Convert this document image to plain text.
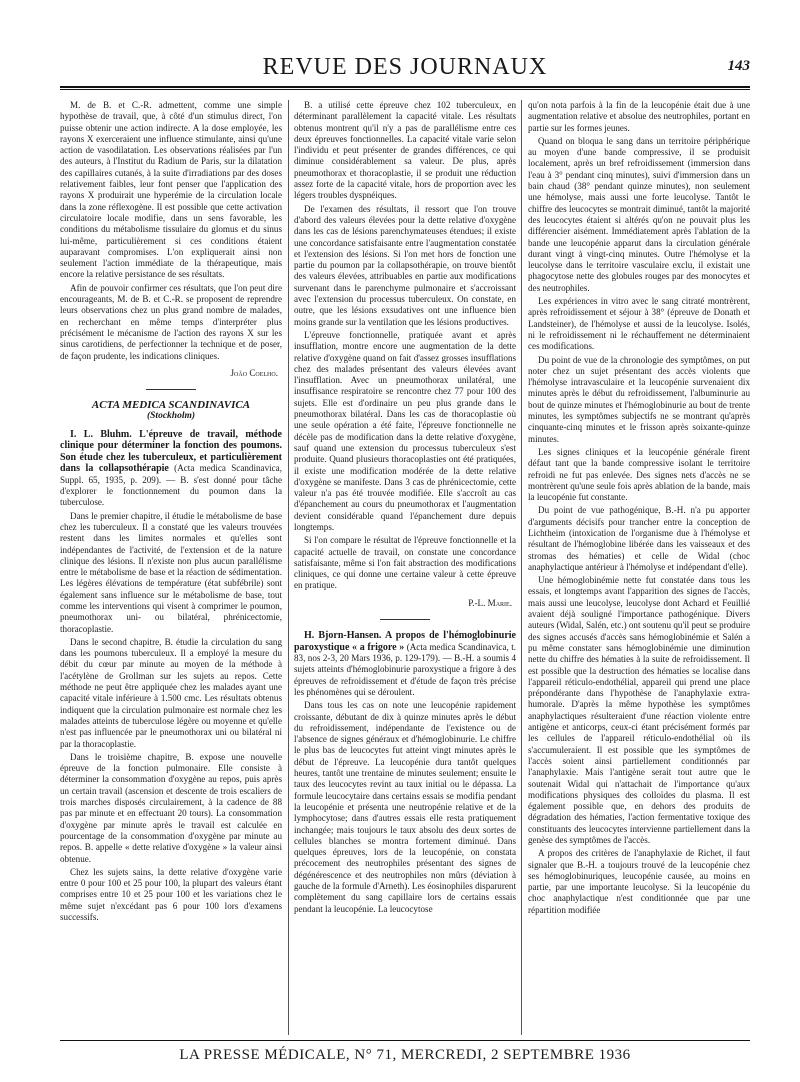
REVUE DES JOURNAUX	143

M. de B. et C.-R. admettent, comme une simple hypothèse de travail, que, à côté d'un stimulus direct, l'on puisse obtenir une action indirecte. A la dose employée, les rayons X exerceraient une influence stimulante, ainsi qu'une action de vasodilatation. Les observations réalisées par l'un des auteurs, à l'Institut du Radium de Paris, sur la dilatation des capillaires cutanés, à la suite d'irradiations par des doses relativement faibles, leur font penser que l'application des rayons X produirait une hyperémie de la circulation locale dans la zone réflexogène. Il est possible que cette activation circulatoire locale modifie, dans un sens favorable, les conditions du métabolisme tissulaire du glomus et du sinus lui-même, particulièrement si ces conditions étaient auparavant compromises. L'on expliquerait ainsi non seulement l'action immédiate de la thérapeutique, mais encore la relative persistance de ses résultats.

Afin de pouvoir confirmer ces résultats, que l'on peut dire encourageants, M. de B. et C.-R. se proposent de reprendre leurs observations chez un plus grand nombre de malades, en recherchant en même temps d'interpréter plus précisément le mécanisme de l'action des rayons X sur les sinus carotidiens, de perfectionner la technique et de poser, de façon prudente, les indications cliniques.

João Coelho.

ACTA MEDICA SCANDINAVICA

(Stockholm)

I. L. Bluhm. L'épreuve de travail, méthode clinique pour déterminer la fonction des poumons. Son étude chez les tuberculeux, et particulièrement dans la collapsothérapie (Acta medica Scandinavica, Suppl. 65, 1935, p. 209). — B. s'est donné pour tâche d'explorer le fonctionnement du poumon dans la tuberculose.

Dans le premier chapitre, il étudie le métabolisme de base chez les tuberculeux. Il a constaté que les valeurs trouvées restent dans les limites normales et qu'elles sont indépendantes de l'activité, de l'extension et de la nature clinique des lésions. Il n'existe non plus aucun parallélisme entre le métabolisme de base et la réaction de sédimentation. Les légères élévations de température (état subfébrile) sont également sans influence sur le métabolisme de base, tout comme les interventions qui visent à comprimer le poumon, pneumothorax uni- ou bilatéral, phrénicectomie, thoracoplastie.

Dans le second chapitre, B. étudie la circulation du sang dans les poumons tuberculeux. Il a employé la mesure du débit du cœur par minute au moyen de la méthode à l'acétylène de Grollman sur les sujets au repos. Cette méthode ne peut être appliquée chez les malades ayant une capacité vitale inférieure à 1.500 cmc. Les résultats obtenus indiquent que la circulation pulmonaire est normale chez les malades atteints de tuberculose légère ou moyenne et qu'elle n'est pas influencée par le pneumothorax uni ou bilatéral ni par la thoracoplastie.

Dans le troisième chapitre, B. expose une nouvelle épreuve de la fonction pulmonaire. Elle consiste à déterminer la consommation d'oxygène au repos, puis après un certain travail (ascension et descente de trois escaliers de trois marches disposés circulairement, à la cadence de 88 pas par minute et en effectuant 20 tours). La consommation d'oxygène par minute après le travail est calculée en pourcentage de la consommation d'oxygène par minute au repos. B. appelle « dette relative d'oxygène » la valeur ainsi obtenue.

Chez les sujets sains, la dette relative d'oxygène varie entre 0 pour 100 et 25 pour 100, la plupart des valeurs étant comprises entre 10 et 25 pour 100 et les variations chez le même sujet n'excédant pas 6 pour 100 lors d'examens successifs.

B. a utilisé cette épreuve chez 102 tuberculeux, en déterminant parallèlement la capacité vitale. Les résultats obtenus montrent qu'il n'y a pas de parallélisme entre ces deux épreuves fonctionnelles. La capacité vitale varie selon l'individu et peut présenter de grandes différences, ce qui diminue considérablement sa valeur. De plus, après pneumothorax et thoracoplastie, il se produit une réduction assez forte de la capacité vitale, hors de proportion avec les légers troubles dyspnéiques.

De l'examen des résultats, il ressort que l'on trouve d'abord des valeurs élevées pour la dette relative d'oxygène dans les cas de lésions parenchymateuses étendues; il existe une concordance satisfaisante entre l'augmentation constatée et l'extension des lésions. Si l'on met hors de fonction une partie du poumon par la collapsothérapie, on trouve bientôt des valeurs élevées, attribuables en partie aux modifications survenant dans le parenchyme pulmonaire et s'accroissant avec l'extension du processus tuberculeux. On constate, en outre, que les lésions exsudatives ont une influence bien moins grande sur la ventilation que les lésions productives.

L'épreuve fonctionnelle, pratiquée avant et après insufflation, montre encore une augmentation de la dette relative d'oxygène quand on fait d'assez grosses insufflations chez des malades présentant des valeurs élevées avant l'insufflation. Avec un pneumothorax unilatéral, une insuffisance respiratoire se rencontre chez 77 pour 100 des sujets. Elle est d'ordinaire un peu plus grande dans le pneumothorax bilatéral. Dans les cas de thoracoplastie où une seule opération a été faite, l'épreuve fonctionnelle ne décèle pas de modification dans la dette relative d'oxygène, sauf quand une extension du processus tuberculeux s'est produite. Quand plusieurs thoracoplasties ont été pratiquées, il existe une modification modérée de la dette relative d'oxygène se manifeste. Dans 3 cas de phrénicectomie, cette valeur n'a pas été trouvée modifiée. Elle s'accroît au cas d'épanchement au cours du pneumothorax et l'augmentation devient considérable quand l'épanchement dure depuis longtemps.

Si l'on compare le résultat de l'épreuve fonctionnelle et la capacité actuelle de travail, on constate une concordance satisfaisante, même si l'on fait abstraction des modifications cliniques, ce qui donne une certaine valeur à cette épreuve en pratique.

P.-L. Marie.

H. Bjorn-Hansen. A propos de l'hémoglobinurie paroxystique « a frigore » (Acta medica Scandinavica, t. 83, nos 2-3, 20 Mars 1936, p. 129-179). — B.-H. a soumis 4 sujets atteints d'hémoglobinurie paroxystique a frigore à des épreuves de refroidissement et d'étude de façon très précise les phénomènes qui se déroulent.

Dans tous les cas on note une leucopénie rapidement croissante, débutant de dix à quinze minutes après le début du refroidissement, indépendante de l'existence ou de l'absence de signes généraux et d'hémoglobinurie. Le chiffre le plus bas de leucocytes fut atteint vingt minutes après le début de l'épreuve. La leucopénie dura tantôt quelques heures, tantôt une trentaine de minutes seulement; ensuite le taux des leucocytes revint au taux initial ou le dépassa. La formule leucocytaire dans certains essais se modifia pendant la leucopénie et présenta une neutropénie relative et de la lymphocytose; dans d'autres essais elle resta pratiquement inchangée; mais toujours le taux absolu des deux sortes de cellules blanches se montra fortement diminué. Dans quelques épreuves, lors de la leucopénie, on constata précocement des neutrophiles présentant des signes de dégénérescence et des neutrophiles non mûrs (déviation à gauche de la formule d'Arneth). Les éosinophiles disparurent complètement du sang capillaire lors de certains essais pendant la leucopénie. La leucocytose

qu'on nota parfois à la fin de la leucopénie était due à une augmentation relative et absolue des neutrophiles, portant en partie sur les formes jeunes.

Quand on bloqua le sang dans un territoire périphérique au moyen d'une bande compressive, il se produisit localement, après un bref refroidissement (immersion dans l'eau à 3° pendant cinq minutes), suivi d'immersion dans un bain chaud (38° pendant quinze minutes), non seulement une hémolyse, mais aussi une forte leucolyse. Tantôt le chiffre des leucocytes se montrait diminué, tantôt la majorité des leucocytes étaient si altérés qu'on ne pouvait plus les différencier aisément. Immédiatement après l'ablation de la bande une leucopénie apparut dans la circulation générale durant vingt à vingt-cinq minutes. Outre l'hémolyse et la leucolyse dans le territoire vasculaire exclu, il existait une phagocytose nette des globules rouges par des monocytes et des neutrophiles.

Les expériences in vitro avec le sang citraté montrèrent, après refroidissement et séjour à 38° (épreuve de Donath et Landsteiner), de l'hémolyse et aussi de la leucolyse. Isolés, ni le refroidissement ni le réchauffement ne déterminaient ces modifications.

Du point de vue de la chronologie des symptômes, on put noter chez un sujet présentant des accès violents que l'hémolyse intravasculaire et la leucopénie survenaient dix minutes après le début du refroidissement, l'albuminurie au bout de quinze minutes et l'hémoglobinurie au bout de trente minutes, les symptômes subjectifs ne se montrant qu'après cinquante-cinq minutes et le frisson après soixante-quinze minutes.

Les signes cliniques et la leucopénie générale firent défaut tant que la bande compressive isolant le territoire refroidi ne fut pas enlevée. Des signes nets d'accès ne se montrèrent qu'une seule fois après ablation de la bande, mais la leucopénie fut constante.

Du point de vue pathogénique, B.-H. n'a pu apporter d'arguments décisifs pour trancher entre la conception de Lichtheim (intoxication de l'organisme due à l'hémolyse et résultant de l'hémoglobine libérée dans les vaisseaux et des stromas des hématies) et celle de Widal (choc anaphylactique antérieur à l'hémolyse et indépendant d'elle).

Une hémoglobinémie nette fut constatée dans tous les essais, et longtemps avant l'apparition des signes de l'accès, mais aussi une leucolyse, leucolyse dont Achard et Feuillié avaient déjà souligné l'importance pathogénique. Divers auteurs (Widal, Salén, etc.) ont soutenu qu'il peut se produire des signes accusés d'accès sans hémoglobinémie et Salén a pu même constater sans hémoglobinémie une diminution nette du chiffre des hématies à la suite de refroidissement. Il est possible que la destruction des hématies se localise dans l'appareil réticulo-endothélial, appareil qui prend une place prépondérante dans l'hypothèse de l'anaphylaxie extra-humorale. D'après la même hypothèse les symptômes anaphylactiques résulteraient d'une réaction violente entre antigène et anticorps, ceux-ci étant précisément formés par les cellules de l'appareil réticulo-endothélial où ils s'accumuleraient. Il est possible que les symptômes de l'accès soient ainsi partiellement conditionnés par l'anaphylaxie. Mais l'antigène serait tout autre que le soutenait Widal qui n'attachait de l'importance qu'aux modifications physiques des colloïdes du plasma. Il est également possible que, en dehors des produits de dégradation des hématies, l'action fermentative toxique des constituants des leucocytes intervienne partiellement dans la genèse des symptômes de l'accès.

A propos des critères de l'anaphylaxie de Richet, il faut signaler que B.-H. a toujours trouvé de la leucopénie chez ses hémoglobinuriques, leucopénie causée, au moins en partie, par une importante leucolyse. Si la leucopénie du choc anaphylactique n'est conditionnée que par une répartition modifiée

LA PRESSE MÉDICALE, N° 71, MERCREDI, 2 SEPTEMBRE 1936
